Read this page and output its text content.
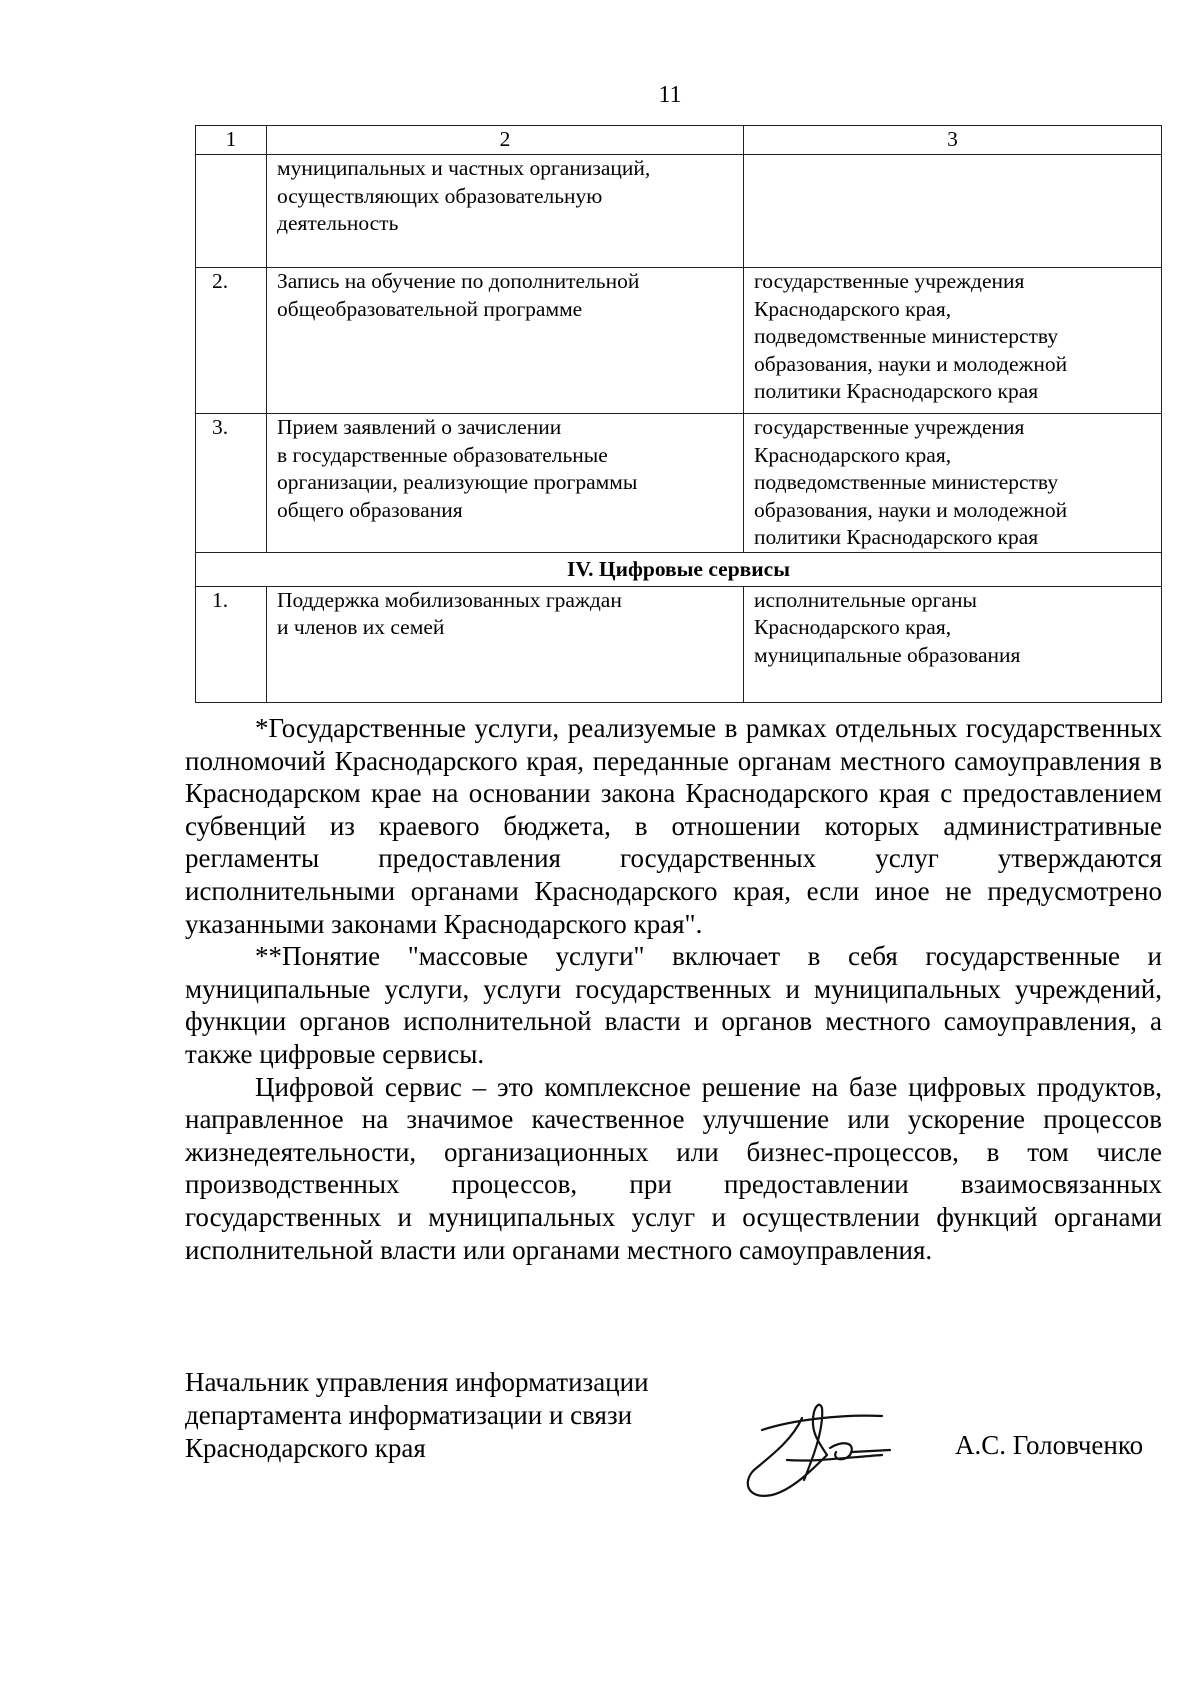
11
1	2	3

	муниципальных и частных организаций,
осуществляющих образовательную
деятельность	

2.	Запись на обучение по дополнительной
общеобразовательной программе	государственные учреждения
Краснодарского края,
подведомственные министерству
образования, науки и молодежной
политики Краснодарского края

3.	Прием заявлений о зачислении
в государственные образовательные
организации, реализующие программы
общего образования	государственные учреждения
Краснодарского края,
подведомственные министерству
образования, науки и молодежной
политики Краснодарского края

IV. Цифровые сервисы		
1.	Поддержка мобилизованных граждан
и членов их семей	исполнительные органы
Краснодарского края,
муниципальные образования

*Государственные услуги, реализуемые в рамках отдельных государственных полномочий Краснодарского края, переданные органам местного самоуправления в Краснодарском крае на основании закона Краснодарского края с предоставлением субвенций из краевого бюджета, в отношении которых административные регламенты предоставления государственных услуг утверждаются исполнительными органами Краснодарского края, если иное не предусмотрено указанными законами Краснодарского края".

**Понятие "массовые услуги" включает в себя государственные и муниципальные услуги, услуги государственных и муниципальных учреждений, функции органов исполнительной власти и органов местного самоуправления, а также цифровые сервисы.

Цифровой сервис – это комплексное решение на базе цифровых продуктов, направленное на значимое качественное улучшение или ускорение процессов жизнедеятельности, организационных или бизнес-процессов, в том числе производственных процессов, при предоставлении взаимосвязанных государственных и муниципальных услуг и осуществлении функций органами исполнительной власти или органами местного самоуправления.

Начальник управления информатизации
департамента информатизации и связи
Краснодарского края	А.С. Головченко
